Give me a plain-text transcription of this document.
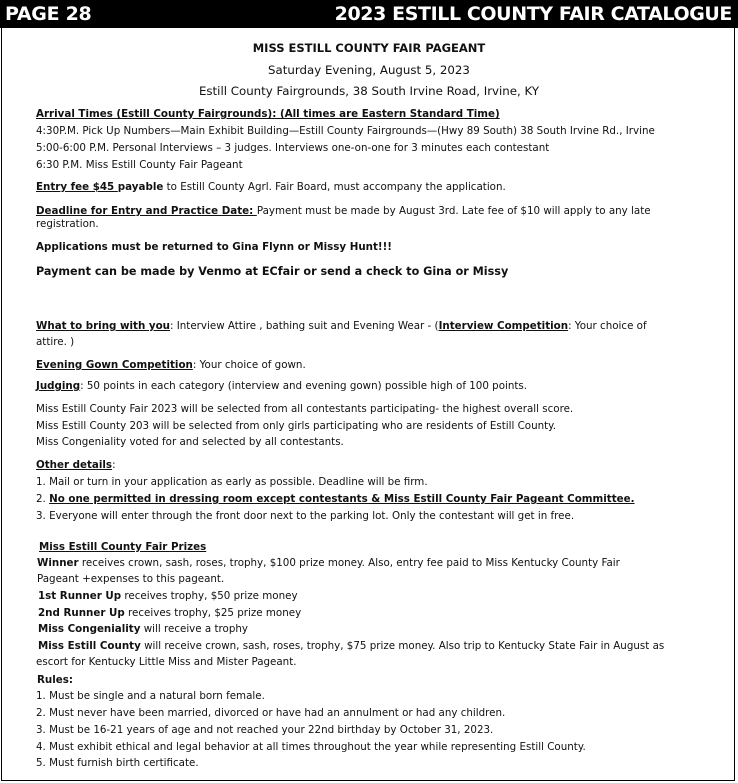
PAGE 28	2023 ESTILL COUNTY FAIR CATALOGUE
MISS ESTILL COUNTY FAIR PAGEANT
Saturday Evening, August 5, 2023
Estill County Fairgrounds, 38 South Irvine Road, Irvine, KY
Arrival Times (Estill County Fairgrounds): (All times are Eastern Standard Time)
4:30P.M. Pick Up Numbers—Main Exhibit Building—Estill County Fairgrounds—(Hwy 89 South) 38 South Irvine Rd., Irvine
5:00-6:00 P.M. Personal Interviews – 3 judges. Interviews one-on-one for 3 minutes each contestant
6:30 P.M. Miss Estill County Fair Pageant
Entry fee $45 payable to Estill County Agrl. Fair Board, must accompany the application.
Deadline for Entry and Practice Date: Payment must be made by August 3rd. Late fee of $10 will apply to any late
registration.
Applications must be returned to Gina Flynn or Missy Hunt!!!
Payment can be made by Venmo at ECfair or send a check to Gina or Missy
What to bring with you: Interview Attire , bathing suit and Evening Wear - (Interview Competition: Your choice of
attire. )
Evening Gown Competition: Your choice of gown.
Judging: 50 points in each category (interview and evening gown) possible high of 100 points.
Miss Estill County Fair 2023 will be selected from all contestants participating- the highest overall score.
Miss Estill County 203 will be selected from only girls participating who are residents of Estill County.
Miss Congeniality voted for and selected by all contestants.
Other details:
1. Mail or turn in your application as early as possible. Deadline will be firm.
2. No one permitted in dressing room except contestants & Miss Estill County Fair Pageant Committee.
3. Everyone will enter through the front door next to the parking lot. Only the contestant will get in free.
Miss Estill County Fair Prizes
Winner receives crown, sash, roses, trophy, $100 prize money. Also, entry fee paid to Miss Kentucky County Fair
Pageant +expenses to this pageant.
1st Runner Up receives trophy, $50 prize money
2nd Runner Up receives trophy, $25 prize money
Miss Congeniality will receive a trophy
Miss Estill County will receive crown, sash, roses, trophy, $75 prize money. Also trip to Kentucky State Fair in August as
escort for Kentucky Little Miss and Mister Pageant.
Rules:
1. Must be single and a natural born female.
2. Must never have been married, divorced or have had an annulment or had any children.
3. Must be 16-21 years of age and not reached your 22nd birthday by October 31, 2023.
4. Must exhibit ethical and legal behavior at all times throughout the year while representing Estill County.
5. Must furnish birth certificate.
